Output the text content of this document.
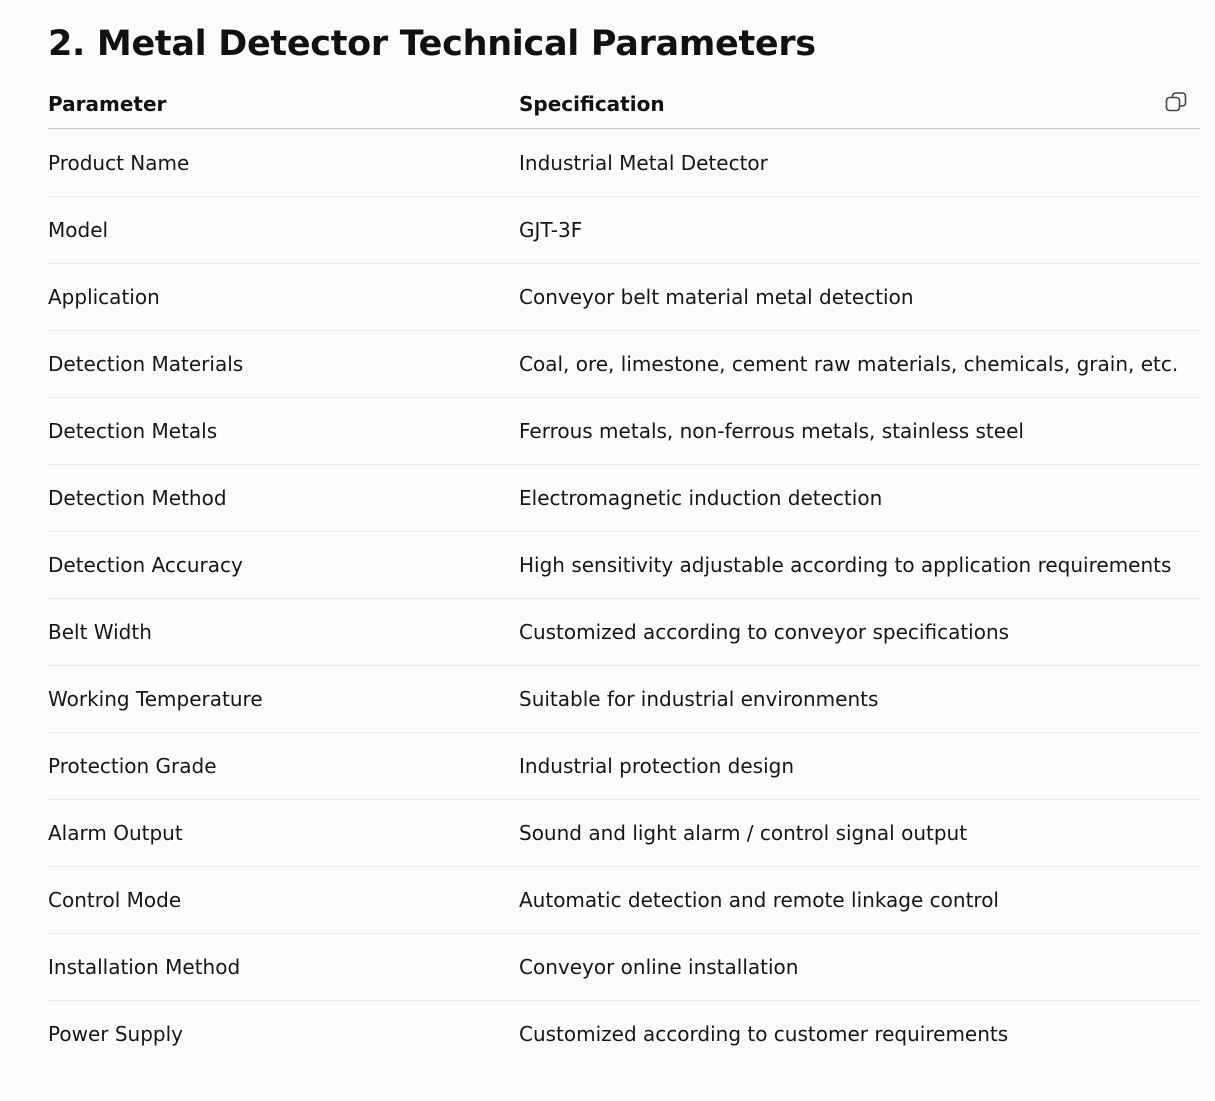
2. Metal Detector Technical Parameters
Parameter	Specification
Product Name	Industrial Metal Detector
Model	GJT-3F
Application	Conveyor belt material metal detection
Detection Materials	Coal, ore, limestone, cement raw materials, chemicals, grain, etc.
Detection Metals	Ferrous metals, non-ferrous metals, stainless steel
Detection Method	Electromagnetic induction detection
Detection Accuracy	High sensitivity adjustable according to application requirements
Belt Width	Customized according to conveyor specifications
Working Temperature	Suitable for industrial environments
Protection Grade	Industrial protection design
Alarm Output	Sound and light alarm / control signal output
Control Mode	Automatic detection and remote linkage control
Installation Method	Conveyor online installation
Power Supply	Customized according to customer requirements
